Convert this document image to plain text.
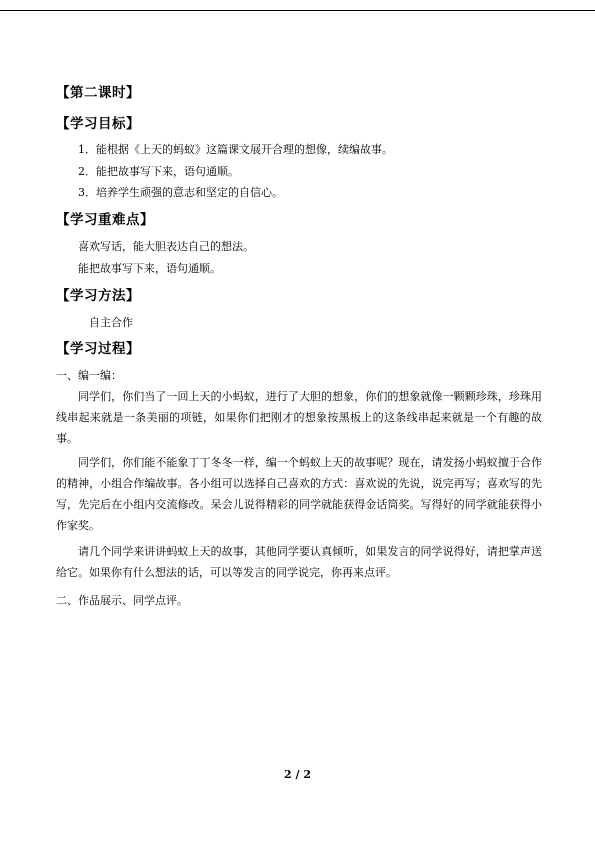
【第二课时】
【学习目标】
1．能根据《上天的蚂蚁》这篇课文展开合理的想像，续编故事。
2．能把故事写下来，语句通顺。
3．培养学生顽强的意志和坚定的自信心。
【学习重难点】
喜欢写话，能大胆表达自己的想法。
能把故事写下来，语句通顺。
【学习方法】
自主合作
【学习过程】
一、编一编：
同学们，你们当了一回上天的小蚂蚁，进行了大胆的想象，你们的想象就像一颗颗珍珠，珍珠用线串起来就是一条美丽的项链，如果你们把刚才的想象按黑板上的这条线串起来就是一个有趣的故事。
同学们，你们能不能象丁丁冬冬一样，编一个蚂蚁上天的故事呢？现在，请发扬小蚂蚁擅于合作的精神，小组合作编故事。各小组可以选择自己喜欢的方式：喜欢说的先说，说完再写；喜欢写的先写，先完后在小组内交流修改。呆会儿说得精彩的同学就能获得金话筒奖。写得好的同学就能获得小作家奖。
请几个同学来讲讲蚂蚁上天的故事，其他同学要认真倾听，如果发言的同学说得好，请把掌声送给它。如果你有什么想法的话，可以等发言的同学说完，你再来点评。
二、作品展示、同学点评。
2 / 2
